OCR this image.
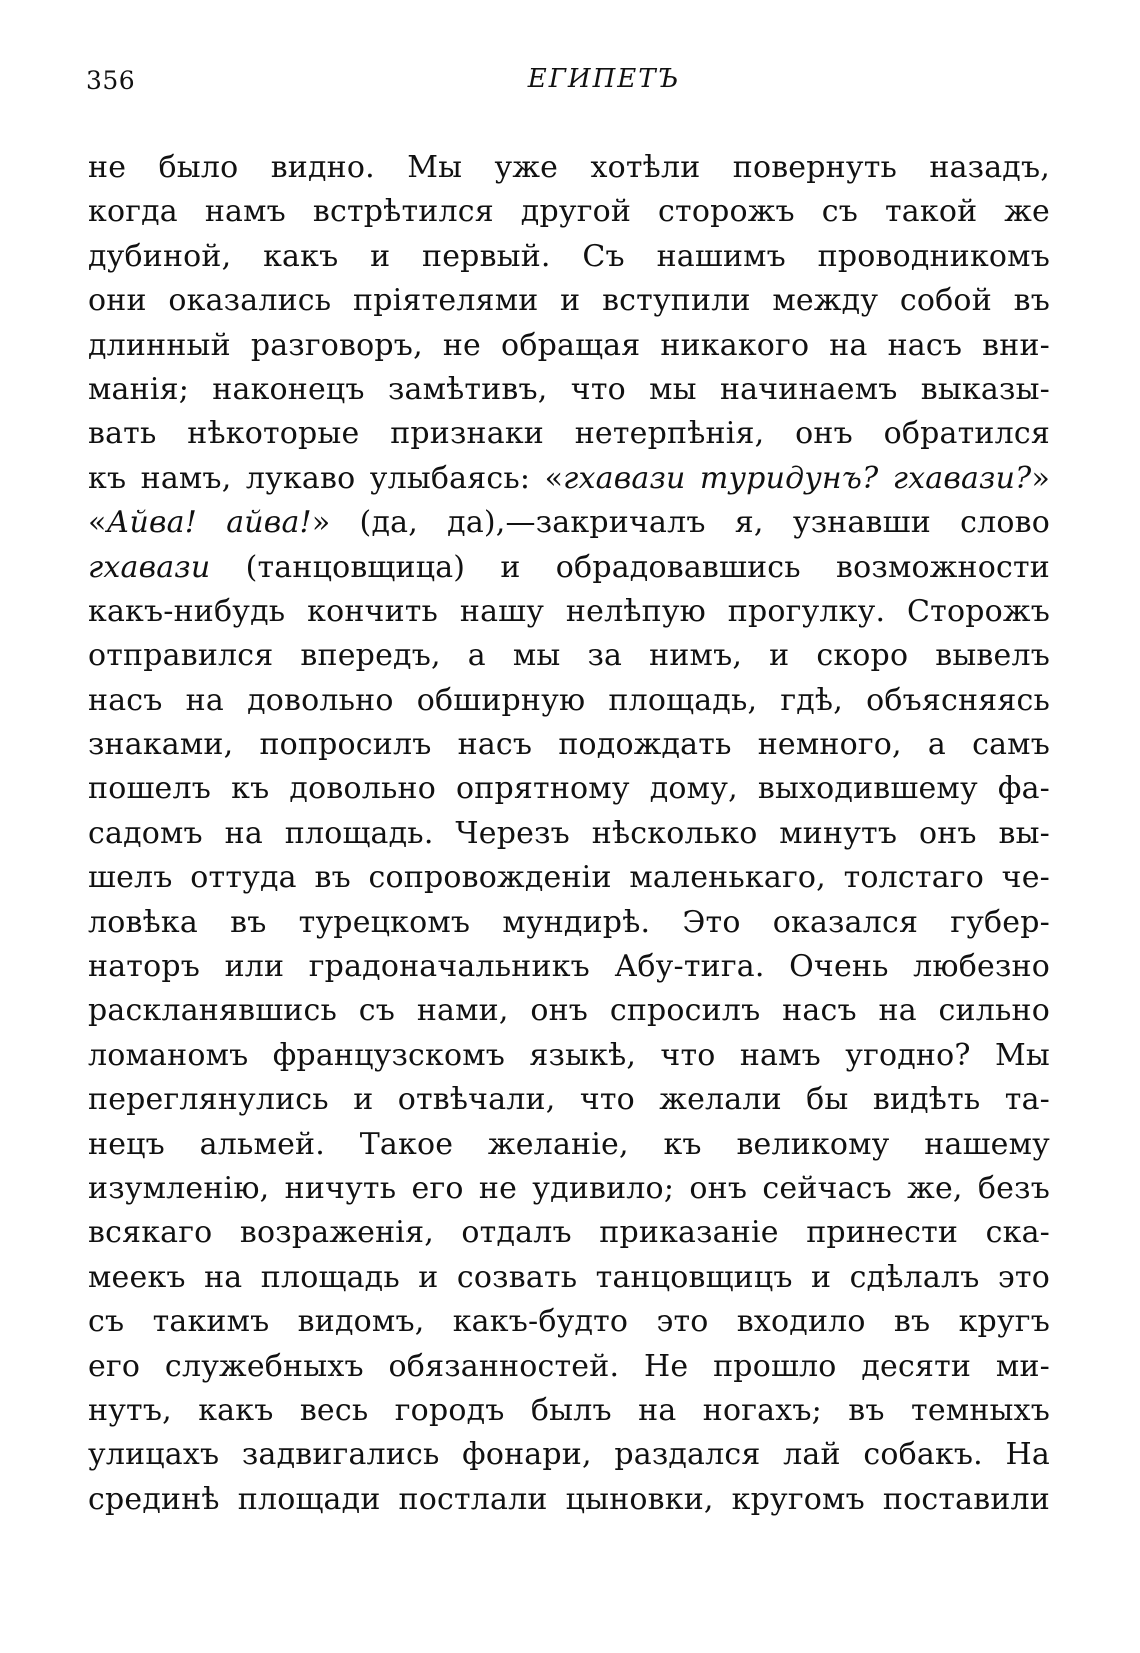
356	ЕГИПЕТЪ
не было видно. Мы уже хотѣли повернуть назадъ,
когда намъ встрѣтился другой сторожъ съ такой же
дубиной, какъ и первый. Съ нашимъ проводникомъ
они оказались пріятелями и вступили между собой въ
длинный разговоръ, не обращая никакого на насъ вни-
манія; наконецъ замѣтивъ, что мы начинаемъ выказы-
вать нѣкоторые признаки нетерпѣнія, онъ обратился
къ намъ, лукаво улыбаясь: «гхавази туридунъ? гхавази?»
«Айва! айва!» (да, да),—закричалъ я, узнавши слово
гхавази (танцовщица) и обрадовавшись возможности
какъ-нибудь кончить нашу нелѣпую прогулку. Сторожъ
отправился впередъ, а мы за нимъ, и скоро вывелъ
насъ на довольно обширную площадь, гдѣ, объясняясь
знаками, попросилъ насъ подождать немного, а самъ
пошелъ къ довольно опрятному дому, выходившему фа-
садомъ на площадь. Черезъ нѣсколько минутъ онъ вы-
шелъ оттуда въ сопровожденіи маленькаго, толстаго че-
ловѣка въ турецкомъ мундирѣ. Это оказался губер-
наторъ или градоначальникъ Абу-тига. Очень любезно
раскланявшись съ нами, онъ спросилъ насъ на сильно
ломаномъ французскомъ языкѣ, что намъ угодно? Мы
переглянулись и отвѣчали, что желали бы видѣть та-
нецъ альмей. Такое желаніе, къ великому нашему
изумленію, ничуть его не удивило; онъ сейчасъ же, безъ
всякаго возраженія, отдалъ приказаніе принести ска-
меекъ на площадь и созвать танцовщицъ и сдѣлалъ это
съ такимъ видомъ, какъ-будто это входило въ кругъ
его служебныхъ обязанностей. Не прошло десяти ми-
нутъ, какъ весь городъ былъ на ногахъ; въ темныхъ
улицахъ задвигались фонари, раздался лай собакъ. На
срединѣ площади постлали цыновки, кругомъ поставили
